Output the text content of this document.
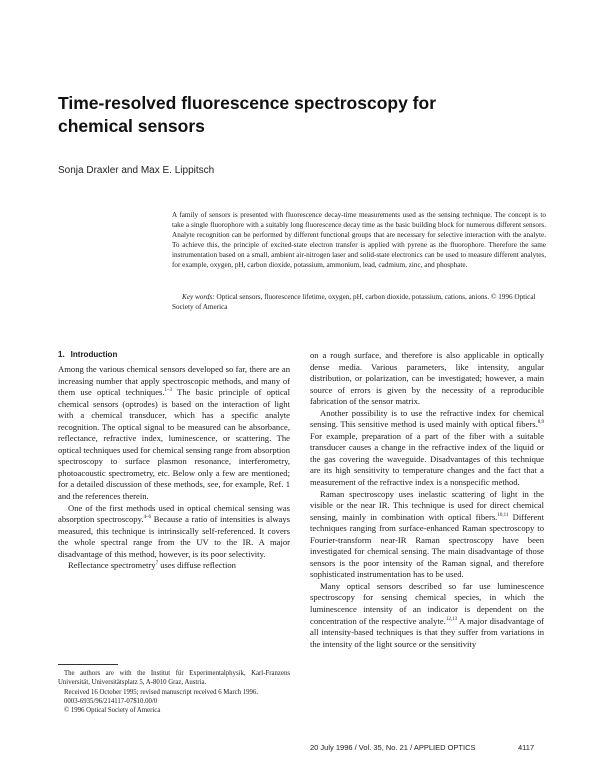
Time-resolved fluorescence spectroscopy for chemical sensors
Sonja Draxler and Max E. Lippitsch

A family of sensors is presented with fluorescence decay-time measurements used as the sensing technique. The concept is to take a single fluorophore with a suitably long fluorescence decay time as the basic building block for numerous different sensors. Analyte recognition can be performed by different functional groups that are necessary for selective interaction with the analyte. To achieve this, the principle of excited-state electron transfer is applied with pyrene as the fluorophore. Therefore the same instrumentation based on a small, ambient air-nitrogen laser and solid-state electronics can be used to measure different analytes, for example, oxygen, pH, carbon dioxide, potassium, ammonium, lead, cadmium, zinc, and phosphate.

Key words: Optical sensors, fluorescence lifetime, oxygen, pH, carbon dioxide, potassium, cations, anions. © 1996 Optical Society of America

1. Introduction

Among the various chemical sensors developed so far, there are an increasing number that apply spectroscopic methods, and many of them use optical techniques.$^{1-3}$ The basic principle of optical chemical sensors (optrodes) is based on the interaction of light with a chemical transducer, which has a specific analyte recognition. The optical signal to be measured can be absorbance, reflectance, refractive index, luminescence, or scattering. The optical techniques used for chemical sensing range from absorption spectroscopy to surface plasmon resonance, interferometry, photoacoustic spectrometry, etc. Below only a few are mentioned; for a detailed discussion of these methods, see, for example, Ref. 1 and the references therein.

One of the first methods used in optical chemical sensing was absorption spectroscopy.$^{4-6}$ Because a ratio of intensities is always measured, this technique is intrinsically self-referenced. It covers the whole spectral range from the UV to the IR. A major disadvantage of this method, however, is its poor selectivity.

Reflectance spectrometry$^7$ uses diffuse reflection

The authors are with the Institut für Experimentalphysik, Karl-Franzens Universität, Universitätsplatz 5, A-8010 Graz, Austria.

Received 16 October 1995; revised manuscript received 6 March 1996.

0003-6935/96/214117-07$10.00/0

© 1996 Optical Society of America

on a rough surface, and therefore is also applicable in optically dense media. Various parameters, like intensity, angular distribution, or polarization, can be investigated; however, a main source of errors is given by the necessity of a reproducible fabrication of the sensor matrix.

Another possibility is to use the refractive index for chemical sensing. This sensitive method is used mainly with optical fibers.$^{8,9}$ For example, preparation of a part of the fiber with a suitable transducer causes a change in the refractive index of the liquid or the gas covering the waveguide. Disadvantages of this technique are its high sensitivity to temperature changes and the fact that a measurement of the refractive index is a nonspecific method.

Raman spectroscopy uses inelastic scattering of light in the visible or the near IR. This technique is used for direct chemical sensing, mainly in combination with optical fibers.$^{10,11}$ Different techniques ranging from surface-enhanced Raman spectroscopy to Fourier-transform near-IR Raman spectroscopy have been investigated for chemical sensing. The main disadvantage of those sensors is the poor intensity of the Raman signal, and therefore sophisticated instrumentation has to be used.

Many optical sensors described so far use luminescence spectroscopy for sensing chemical species, in which the luminescence intensity of an indicator is dependent on the concentration of the respective analyte.$^{12,13}$ A major disadvantage of all intensity-based techniques is that they suffer from variations in the intensity of the light source or the sensitivity

20 July 1996 / Vol. 35, No. 21 / APPLIED OPTICS	4117
